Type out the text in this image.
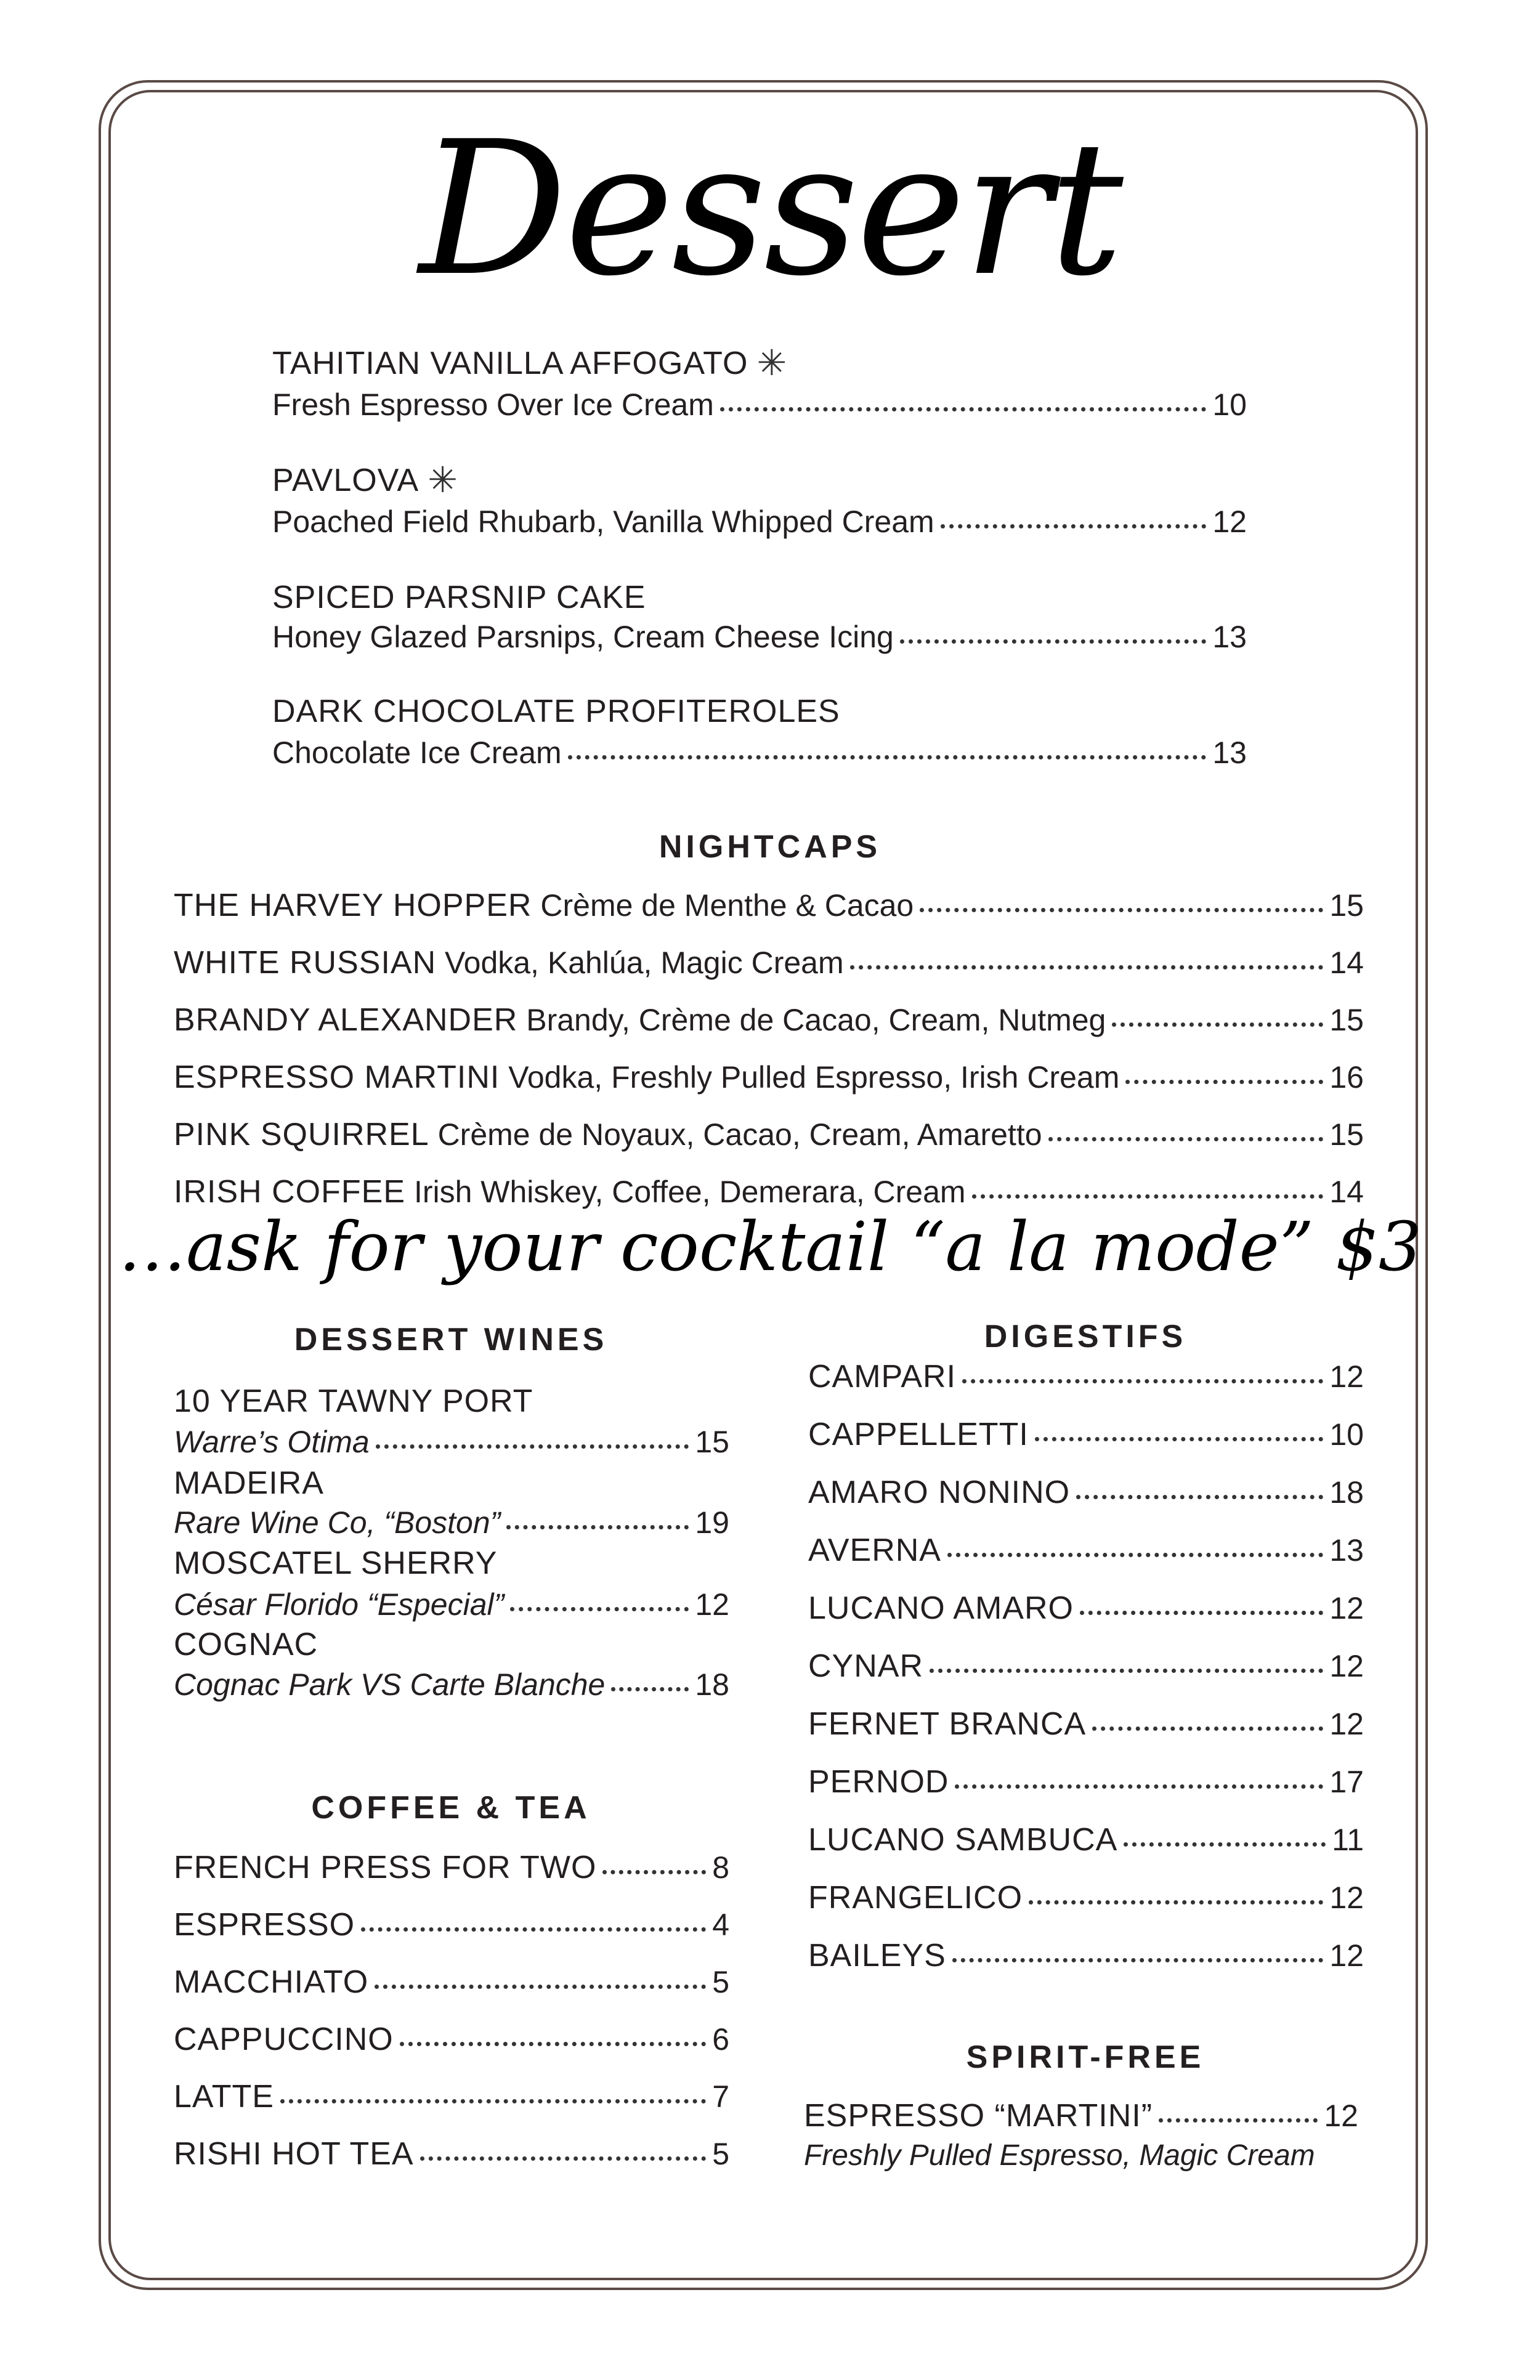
Dessert
TAHITIAN VANILLA AFFOGATO ✳
Fresh Espresso Over Ice Cream	10
PAVLOVA ✳
Poached Field Rhubarb, Vanilla Whipped Cream	12
SPICED PARSNIP CAKE
Honey Glazed Parsnips, Cream Cheese Icing	13
DARK CHOCOLATE PROFITEROLES
Chocolate Ice Cream	13
NIGHTCAPS
THE HARVEY HOPPER
Crème de Menthe & Cacao	15
WHITE RUSSIAN
Vodka, Kahlúa, Magic Cream	14
BRANDY ALEXANDER
Brandy, Crème de Cacao, Cream, Nutmeg	15
ESPRESSO MARTINI
Vodka, Freshly Pulled Espresso, Irish Cream	16
PINK SQUIRREL
Crème de Noyaux, Cacao, Cream, Amaretto	15
IRISH COFFEE
Irish Whiskey, Coffee, Demerara, Cream	14
…ask for your cocktail “a la mode” $3
DESSERT WINES
10 YEAR TAWNY PORT
Warre’s Otima	15
MADEIRA
Rare Wine Co, “Boston”	19
MOSCATEL SHERRY
César Florido “Especial”	12
COGNAC
Cognac Park VS Carte Blanche	18
COFFEE & TEA
FRENCH PRESS FOR TWO	8
ESPRESSO	4
MACCHIATO	5
CAPPUCCINO	6
LATTE	7
RISHI HOT TEA	5
DIGESTIFS
CAMPARI	12
CAPPELLETTI	10
AMARO NONINO	18
AVERNA	13
LUCANO AMARO	12
CYNAR	12
FERNET BRANCA	12
PERNOD	17
LUCANO SAMBUCA	11
FRANGELICO	12
BAILEYS	12
SPIRIT-FREE
ESPRESSO “MARTINI”	12
Freshly Pulled Espresso, Magic Cream
